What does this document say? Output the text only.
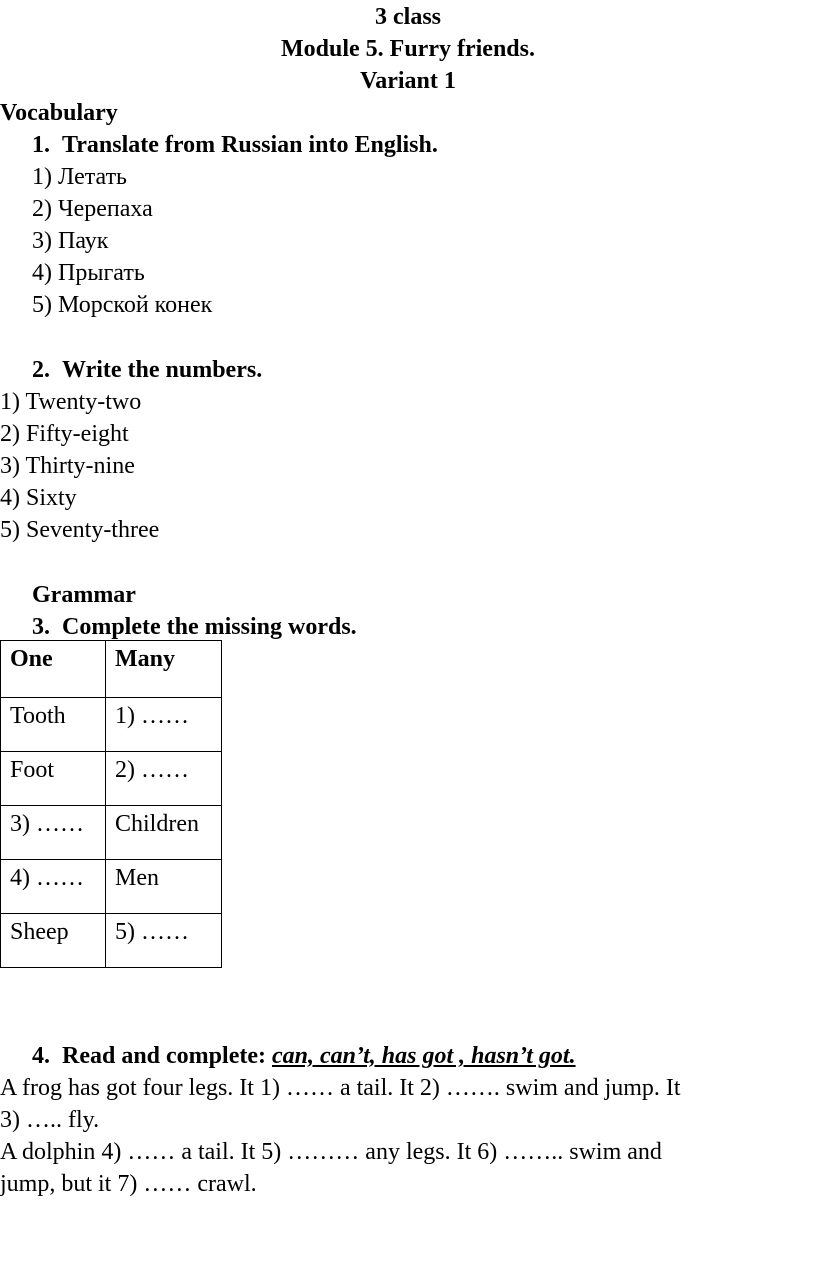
3 class
Module 5. Furry friends.
Variant 1
Vocabulary
1. Translate from Russian into English.
1) Летать
2) Черепаха
3) Паук
4) Прыгать
5) Морской конек
2. Write the numbers.
1) Twenty-two
2) Fifty-eight
3) Thirty-nine
4) Sixty
5) Seventy-three
Grammar
3. Complete the missing words.
One	Many
Tooth	1) ……
Foot	2) ……
3) ……	Children
4) ……	Men
Sheep	5) ……
4. Read and complete: can, can’t, has got , hasn’t got.
A frog has got four legs. It 1) …… a tail. It 2) ……. swim and jump. It
3) ….. fly.
A dolphin 4) …… a tail. It 5) ……… any legs. It 6) …….. swim and
jump, but it 7) …… crawl.
